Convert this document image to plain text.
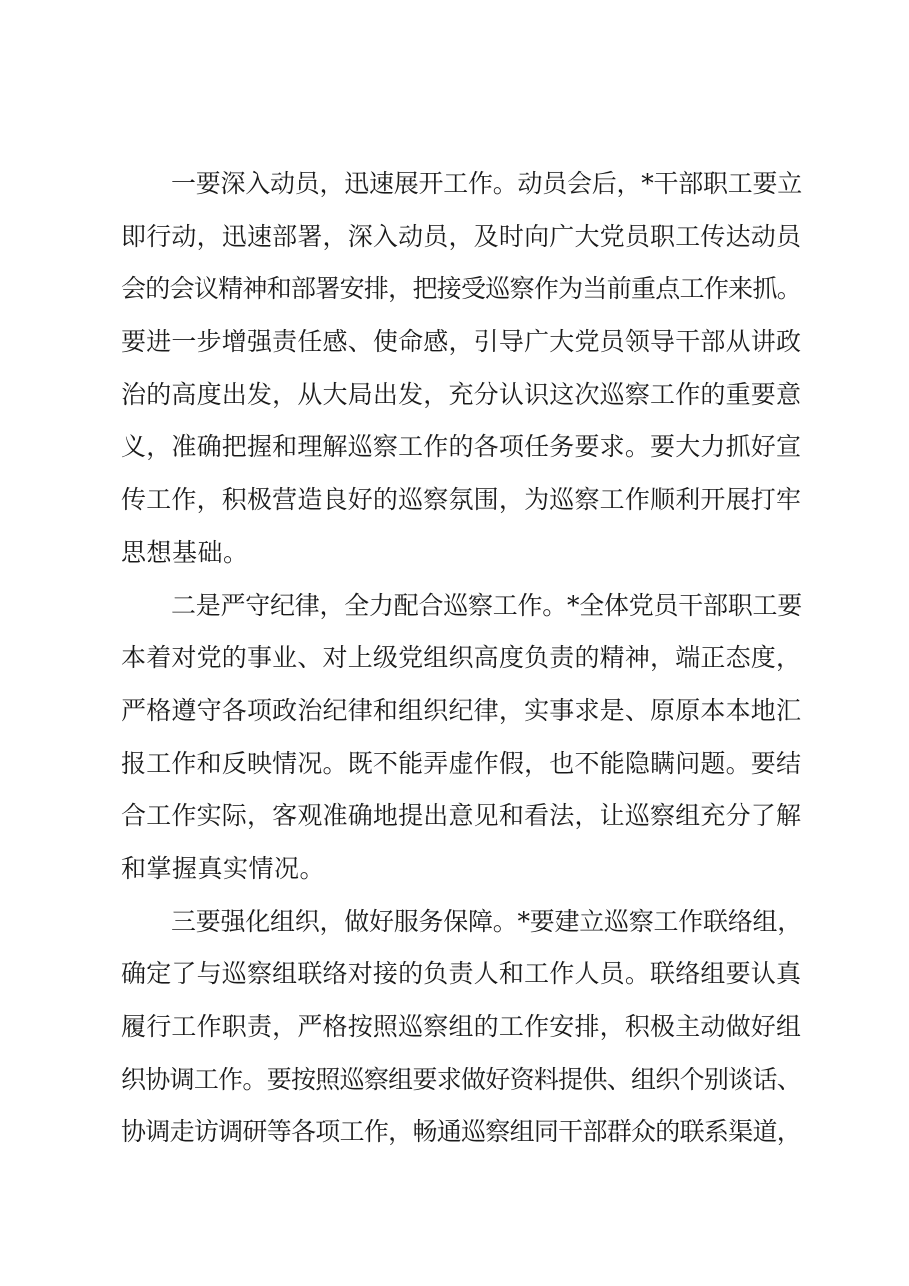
一要深入动员，迅速展开工作。动员会后，*干部职工要立

即行动，迅速部署，深入动员，及时向广大党员职工传达动员

会的会议精神和部署安排，把接受巡察作为当前重点工作来抓。

要进一步增强责任感、使命感，引导广大党员领导干部从讲政

治的高度出发，从大局出发，充分认识这次巡察工作的重要意

义，准确把握和理解巡察工作的各项任务要求。要大力抓好宣

传工作，积极营造良好的巡察氛围，为巡察工作顺利开展打牢

思想基础。

二是严守纪律，全力配合巡察工作。*全体党员干部职工要

本着对党的事业、对上级党组织高度负责的精神，端正态度，

严格遵守各项政治纪律和组织纪律，实事求是、原原本本地汇

报工作和反映情况。既不能弄虚作假，也不能隐瞒问题。要结

合工作实际，客观准确地提出意见和看法，让巡察组充分了解

和掌握真实情况。

三要强化组织，做好服务保障。*要建立巡察工作联络组，

确定了与巡察组联络对接的负责人和工作人员。联络组要认真

履行工作职责，严格按照巡察组的工作安排，积极主动做好组

织协调工作。要按照巡察组要求做好资料提供、组织个别谈话、

协调走访调研等各项工作，畅通巡察组同干部群众的联系渠道，
